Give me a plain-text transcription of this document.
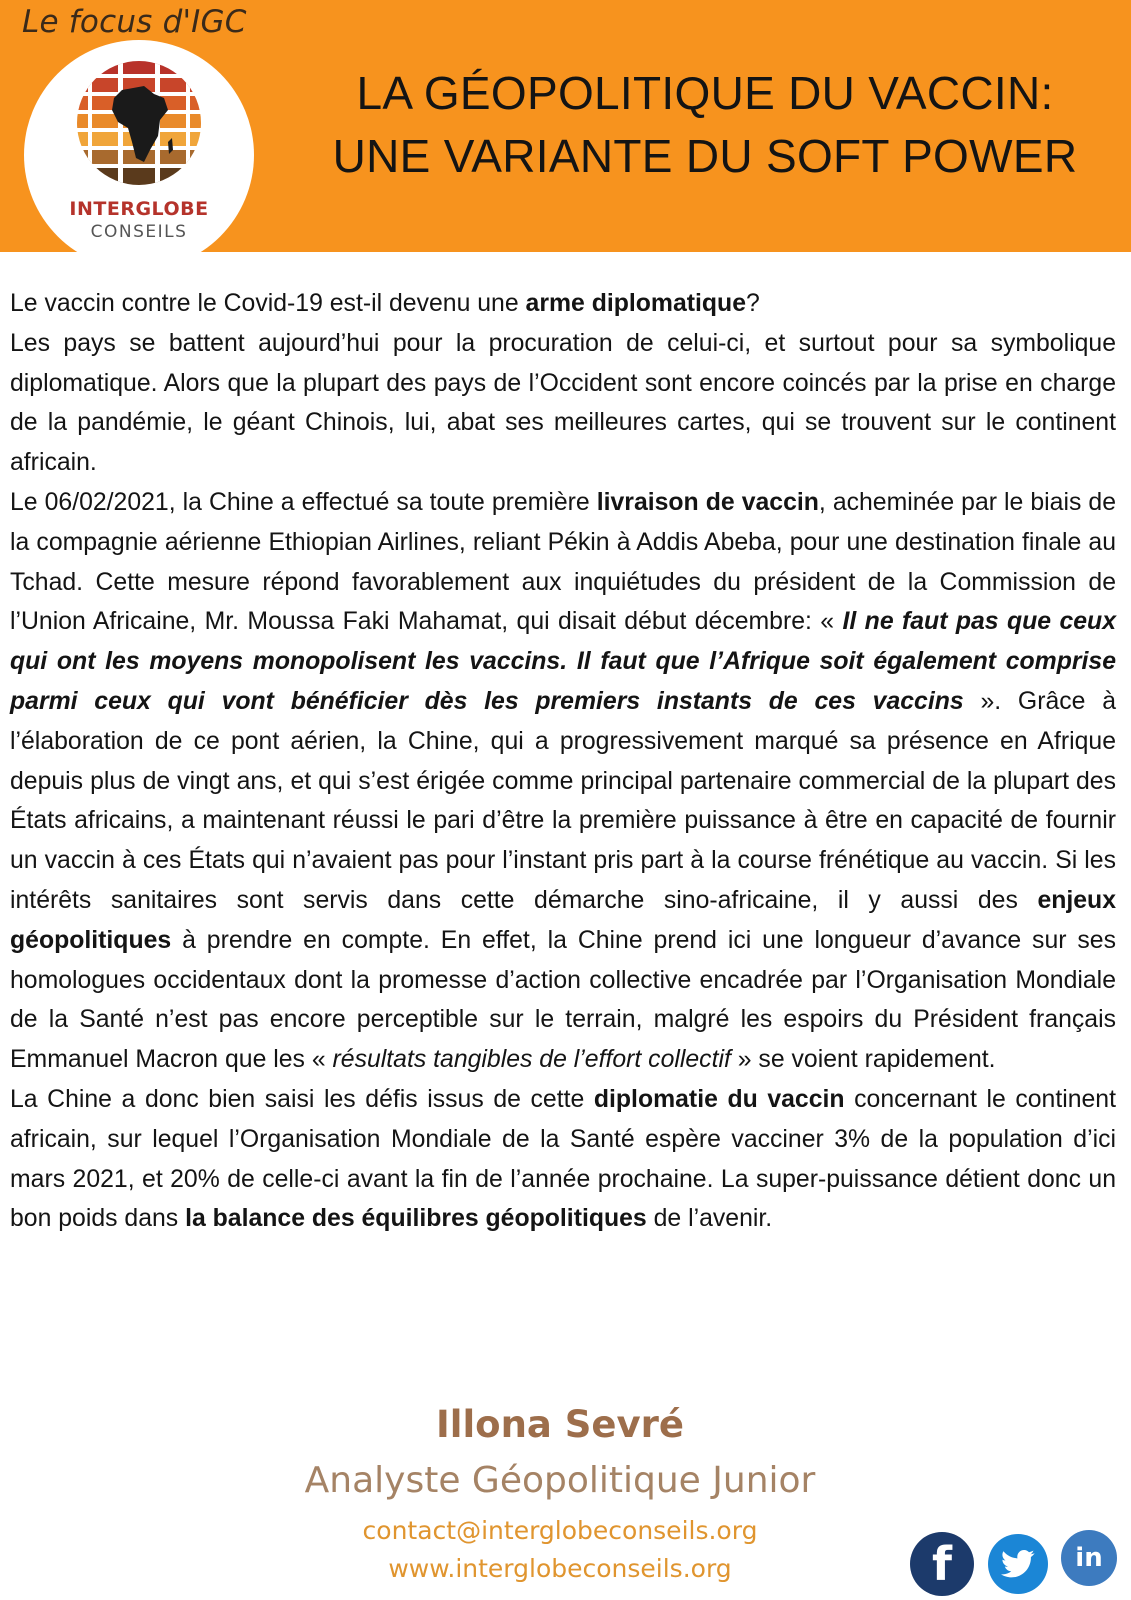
Le focus d'IGC
INTERGLOBE
CONSEILS
LA GÉOPOLITIQUE DU VACCIN:
UNE VARIANTE DU SOFT POWER

Le vaccin contre le Covid-19 est-il devenu une arme diplomatique?

Les pays se battent aujourd’hui pour la procuration de celui-ci, et surtout pour sa symbolique diplomatique. Alors que la plupart des pays de l’Occident sont encore coincés par la prise en charge de la pandémie, le géant Chinois, lui, abat ses meilleures cartes, qui se trouvent sur le continent africain.

Le 06/02/2021, la Chine a effectué sa toute première livraison de vaccin, acheminée par le biais de la compagnie aérienne Ethiopian Airlines, reliant Pékin à Addis Abeba, pour une destination finale au Tchad. Cette mesure répond favorablement aux inquiétudes du président de la Commission de l’Union Africaine, Mr. Moussa Faki Mahamat, qui disait début décembre: « Il ne faut pas que ceux qui ont les moyens monopolisent les vaccins. Il faut que l’Afrique soit également comprise parmi ceux qui vont bénéficier dès les premiers instants de ces vaccins ». Grâce à l’élaboration de ce pont aérien, la Chine, qui a progressivement marqué sa présence en Afrique depuis plus de vingt ans, et qui s’est érigée comme principal partenaire commercial de la plupart des États africains, a maintenant réussi le pari d’être la première puissance à être en capacité de fournir un vaccin à ces États qui n’avaient pas pour l’instant pris part à la course frénétique au vaccin. Si les intérêts sanitaires sont servis dans cette démarche sino-africaine, il y aussi des enjeux géopolitiques à prendre en compte. En effet, la Chine prend ici une longueur d’avance sur ses homologues occidentaux dont la promesse d’action collective encadrée par l’Organisation Mondiale de la Santé n’est pas encore perceptible sur le terrain, malgré les espoirs du Président français Emmanuel Macron que les « résultats tangibles de l’effort collectif » se voient rapidement.

La Chine a donc bien saisi les défis issus de cette diplomatie du vaccin concernant le continent africain, sur lequel l’Organisation Mondiale de la Santé espère vacciner 3% de la population d’ici mars 2021, et 20% de celle-ci avant la fin de l’année prochaine. La super-puissance détient donc un bon poids dans la balance des équilibres géopolitiques de l’avenir.

Illona Sevré
Analyste Géopolitique Junior
contact@interglobeconseils.org
www.interglobeconseils.org	f	in
